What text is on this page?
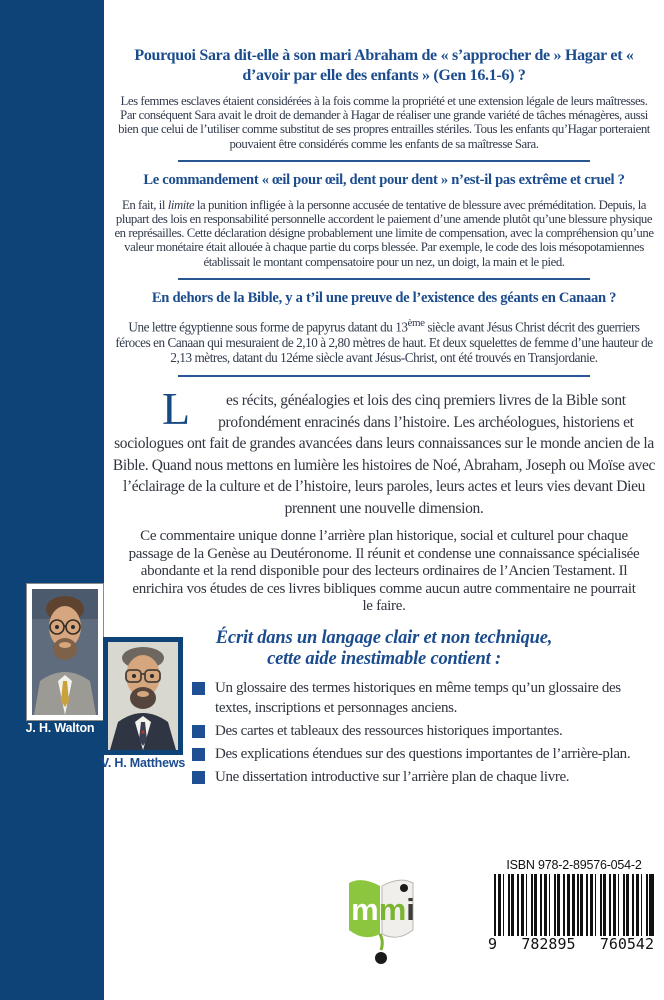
Pourquoi Sara dit-elle à son mari Abraham de « s’approcher de » Hagar et « d’avoir par elle des enfants » (Gen 16.1-6) ?

Les femmes esclaves étaient considérées à la fois comme la propriété et une extension légale de leurs maîtresses. Par conséquent Sara avait le droit de demander à Hagar de réaliser une grande variété de tâches ménagères, aussi bien que celui de l’utiliser comme substitut de ses propres entrailles stériles. Tous les enfants qu’Hagar porteraient pouvaient être considérés comme les enfants de sa maîtresse Sara.

Le commandement « œil pour œil, dent pour dent » n’est-il pas extrême et cruel ?

En fait, il limite la punition infligée à la personne accusée de tentative de blessure avec préméditation. Depuis, la plupart des lois en responsabilité personnelle accordent le paiement d’une amende plutôt qu’une blessure physique en représailles. Cette déclaration désigne probablement une limite de compensation, avec la compréhension qu’une valeur monétaire était allouée à chaque partie du corps blessée. Par exemple, le code des lois mésopotamiennes établissait le montant compensatoire pour un nez, un doigt, la main et le pied.

En dehors de la Bible, y a t’il une preuve de l’existence des géants en Canaan ?

Une lettre égyptienne sous forme de papyrus datant du 13ème siècle avant Jésus Christ décrit des guerriers féroces en Canaan qui mesuraient de 2,10 à 2,80 mètres de haut. Et deux squelettes de femme d’une hauteur de 2,13 mètres, datant du 12éme siècle avant Jésus-Christ, ont été trouvés en Transjordanie.

L es récits, généalogies et lois des cinq premiers livres de la Bible sont profondément enracinés dans l’histoire. Les archéologues, historiens et sociologues ont fait de grandes avancées dans leurs connaissances sur le monde ancien de la Bible. Quand nous mettons en lumière les histoires de Noé, Abraham, Joseph ou Moïse avec l’éclairage de la culture et de l’histoire, leurs paroles, leurs actes et leurs vies devant Dieu prennent une nouvelle dimension.

Ce commentaire unique donne l’arrière plan historique, social et culturel pour chaque passage de la Genèse au Deutéronome. Il réunit et condense une connaissance spécialisée abondante et la rend disponible pour des lecteurs ordinaires de l’Ancien Testament. Il enrichira vos études de ces livres bibliques comme aucun autre commentaire ne pourrait le faire.

Écrit dans un langage clair et non technique,
cette aide inestimable contient :
Un glossaire des termes historiques en même temps qu’un glossaire des textes, inscriptions et personnages anciens.
Des cartes et tableaux des ressources historiques importantes.
Des explications étendues sur des questions importantes de l’arrière-plan.
Une dissertation introductive sur l’arrière plan de chaque livre.
J. H. Walton
V. H. Matthews
mmi

ISBN 978-2-89576-054-2

9 782895 760542
